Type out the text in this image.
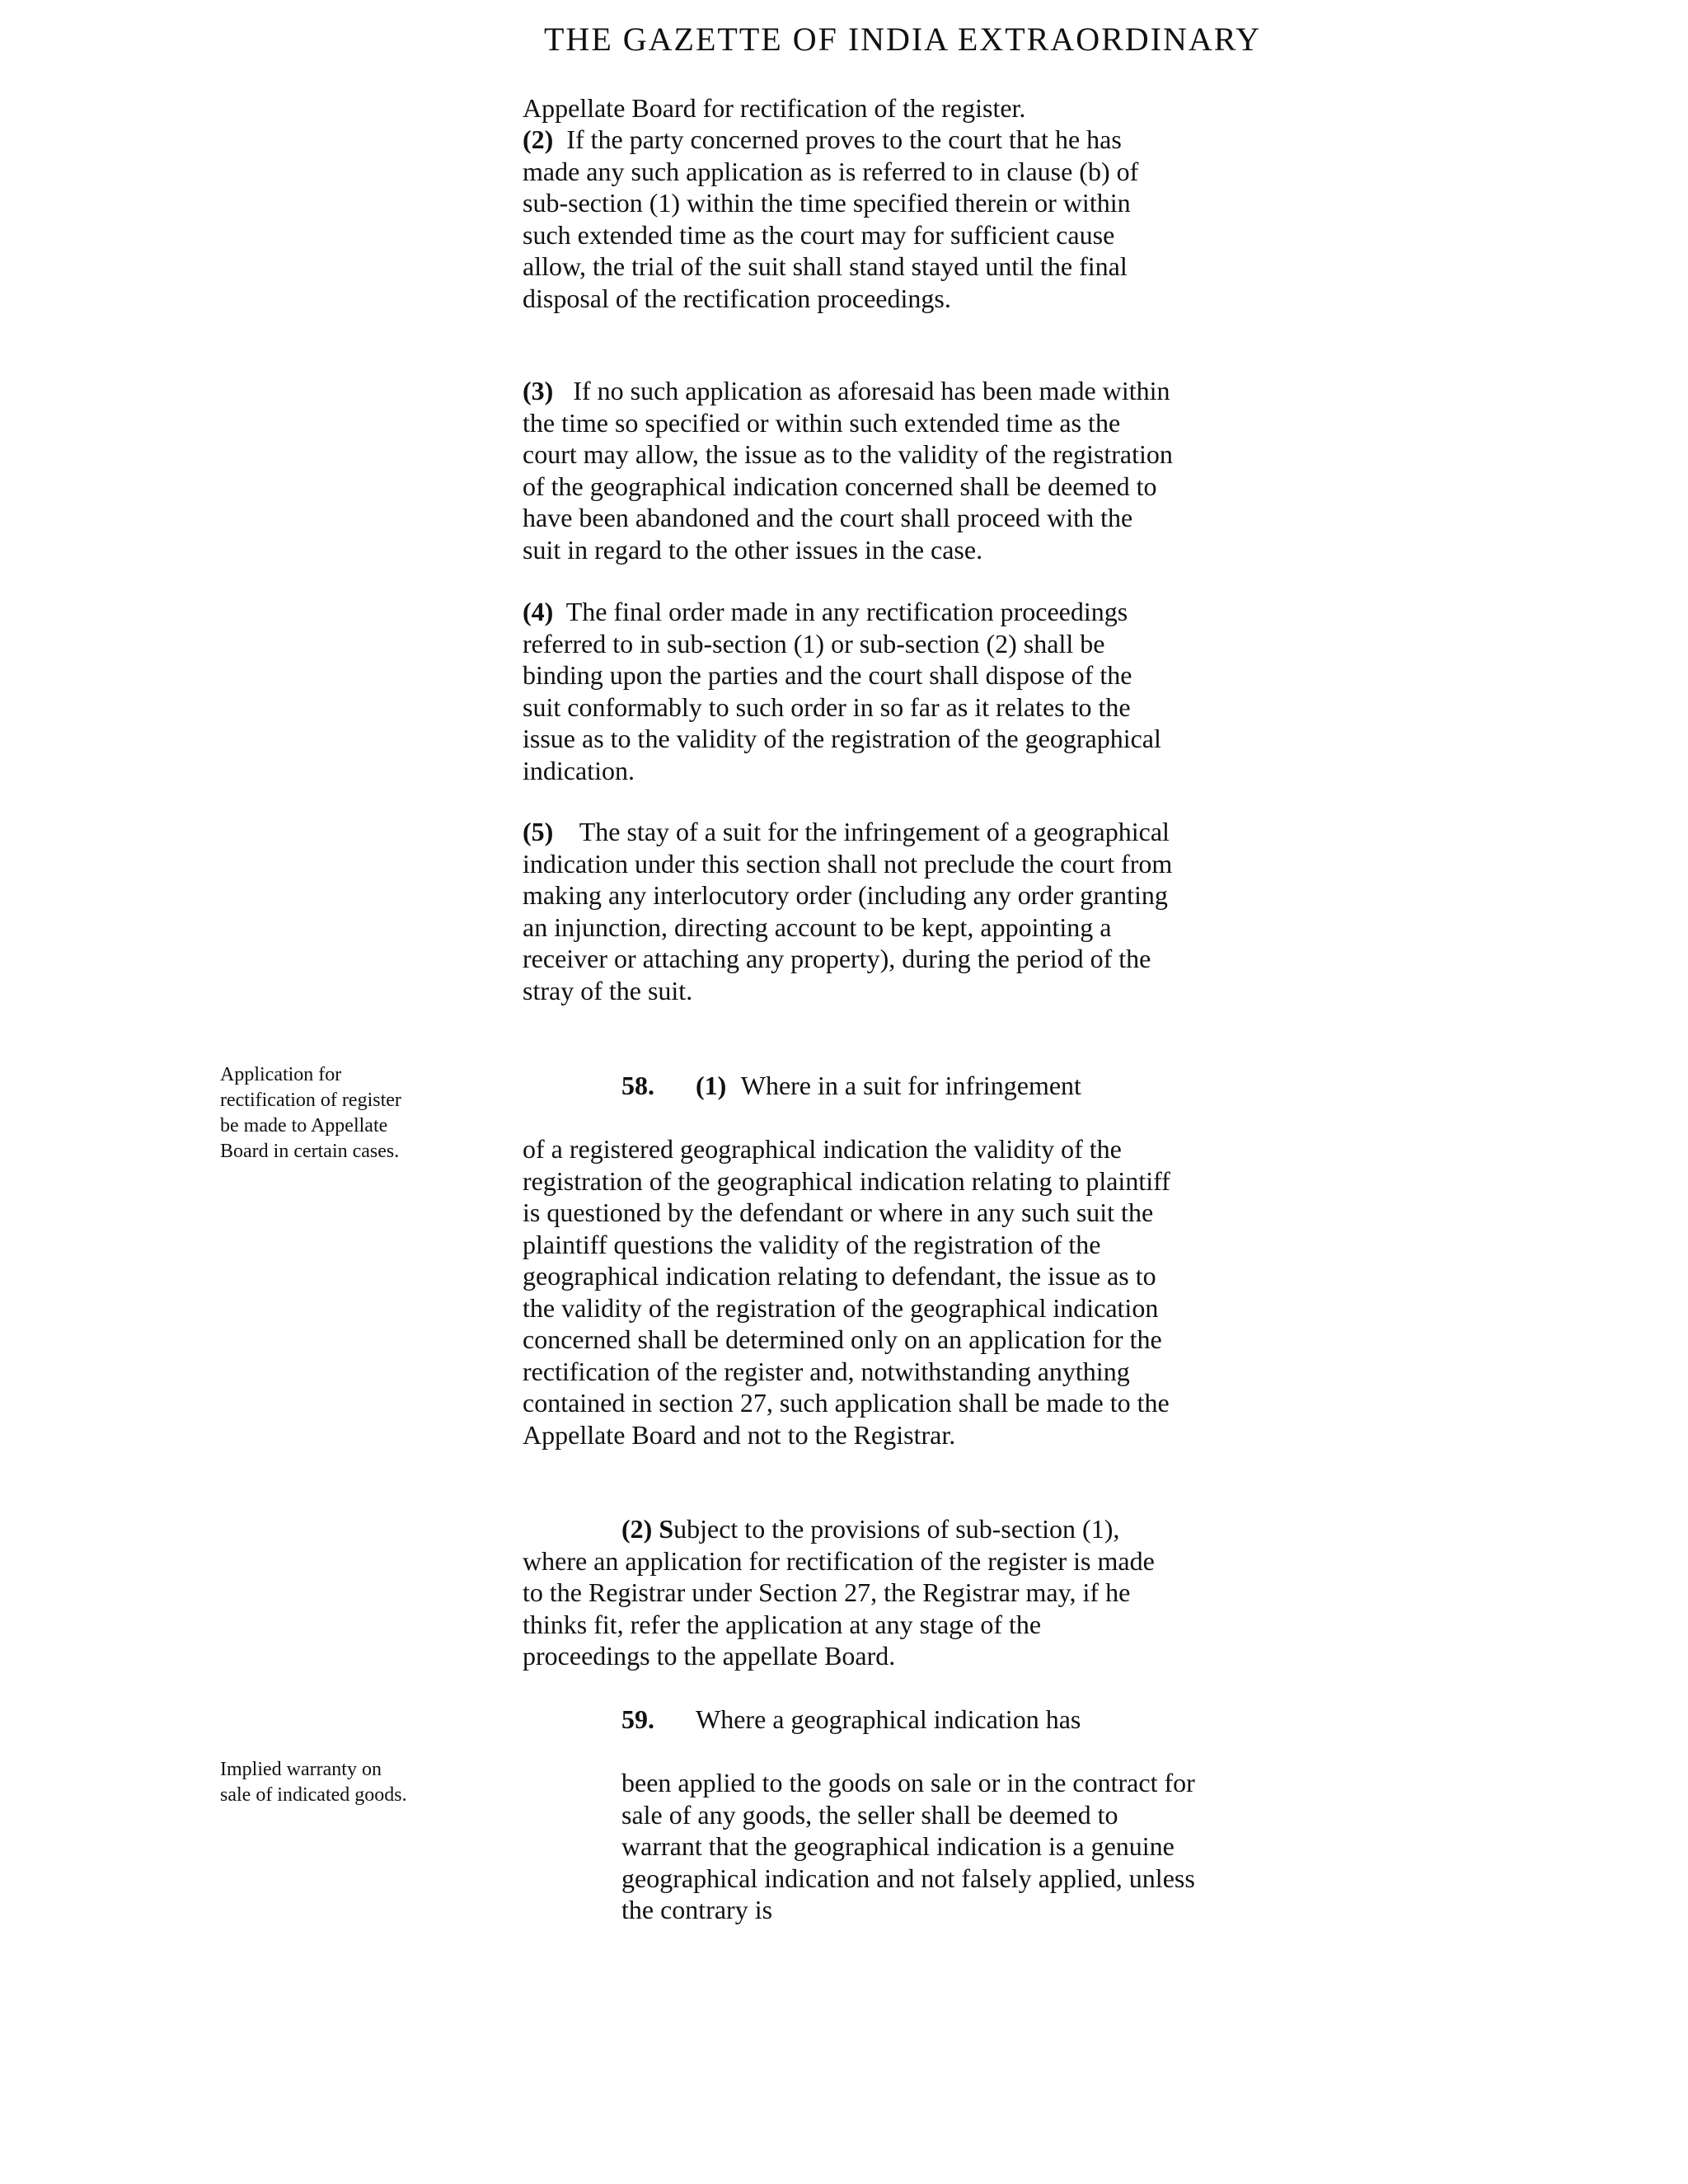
THE GAZETTE OF INDIA EXTRAORDINARY

Appellate Board for rectification of the register.

(2) If the party concerned proves to the court that he has made any such application as is referred to in clause (b) of sub-section (1) within the time specified therein or within such extended time as the court may for sufficient cause allow, the trial of the suit shall stand stayed until the final disposal of the rectification proceedings.

(3) If no such application as aforesaid has been made within the time so specified or within such extended time as the court may allow, the issue as to the validity of the registration of the geographical indication concerned shall be deemed to have been abandoned and the court shall proceed with the suit in regard to the other issues in the case.

(4) The final order made in any rectification proceedings referred to in sub-section (1) or sub-section (2) shall be binding upon the parties and the court shall dispose of the suit conformably to such order in so far as it relates to the issue as to the validity of the registration of the geographical indication.

(5) The stay of a suit for the infringement of a geographical indication under this section shall not preclude the court from making any interlocutory order (including any order granting an injunction, directing account to be kept, appointing a receiver or attaching any property), during the period of the stray of the suit.

Application for rectification of register be made to Appellate Board in certain cases.

58. (1) Where in a suit for infringement

of a registered geographical indication the validity of the registration of the geographical indication relating to plaintiff is questioned by the defendant or where in any such suit the plaintiff questions the validity of the registration of the geographical indication relating to defendant, the issue as to the validity of the registration of the geographical indication concerned shall be determined only on an application for the rectification of the register and, notwithstanding anything contained in section 27, such application shall be made to the Appellate Board and not to the Registrar.

(2) Subject to the provisions of sub-section (1), where an application for rectification of the register is made to the Registrar under Section 27, the Registrar may, if he thinks fit, refer the application at any stage of the proceedings to the appellate Board.

59. Where a geographical indication has

Implied warranty on sale of indicated goods.	been applied to the goods on sale or in the contract for sale of any goods, the seller shall be deemed to warrant that the geographical indication is a genuine geographical indication and not falsely applied, unless the contrary is
